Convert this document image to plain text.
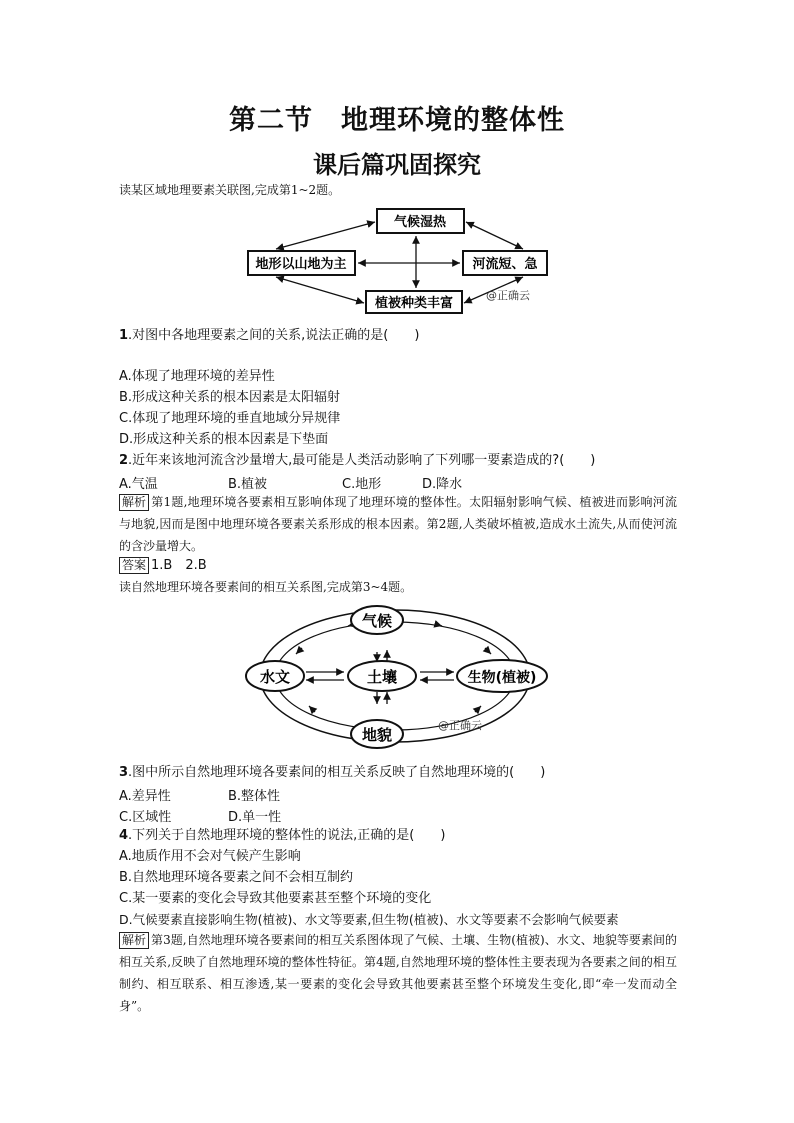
第二节　地理环境的整体性
课后篇巩固探究
读某区域地理要素关联图,完成第1~2题。
气候湿热
地形以山地为主	河流短、急
植被种类丰富
@正确云
1.对图中各地理要素之间的关系,说法正确的是(　　)
A.体现了地理环境的差异性
B.形成这种关系的根本因素是太阳辐射
C.体现了地理环境的垂直地域分异规律
D.形成这种关系的根本因素是下垫面
2.近年来该地河流含沙量增大,最可能是人类活动影响了下列哪一要素造成的?(　　)
A.气温	B.植被	C.地形	D.降水
解析 第1题,地理环境各要素相互影响体现了地理环境的整体性。太阳辐射影响气候、植被进而影响河流与地貌,因而是图中地理环境各要素关系形成的根本因素。第2题,人类破坏植被,造成水土流失,从而使河流的含沙量增大。
答案 1.B　2.B
读自然地理环境各要素间的相互关系图,完成第3~4题。
气候
水文	土壤	生物(植被)
地貌
@正确云
3.图中所示自然地理环境各要素间的相互关系反映了自然地理环境的(　　)
A.差异性	B.整体性
C.区域性	D.单一性
4.下列关于自然地理环境的整体性的说法,正确的是(　　)
A.地质作用不会对气候产生影响
B.自然地理环境各要素之间不会相互制约
C.某一要素的变化会导致其他要素甚至整个环境的变化
D.气候要素直接影响生物(植被)、水文等要素,但生物(植被)、水文等要素不会影响气候要素
解析 第3题,自然地理环境各要素间的相互关系图体现了气候、土壤、生物(植被)、水文、地貌等要素间的相互关系,反映了自然地理环境的整体性特征。第4题,自然地理环境的整体性主要表现为各要素之间的相互制约、相互联系、相互渗透,某一要素的变化会导致其他要素甚至整个环境发生变化,即“牵一发而动全身”。
